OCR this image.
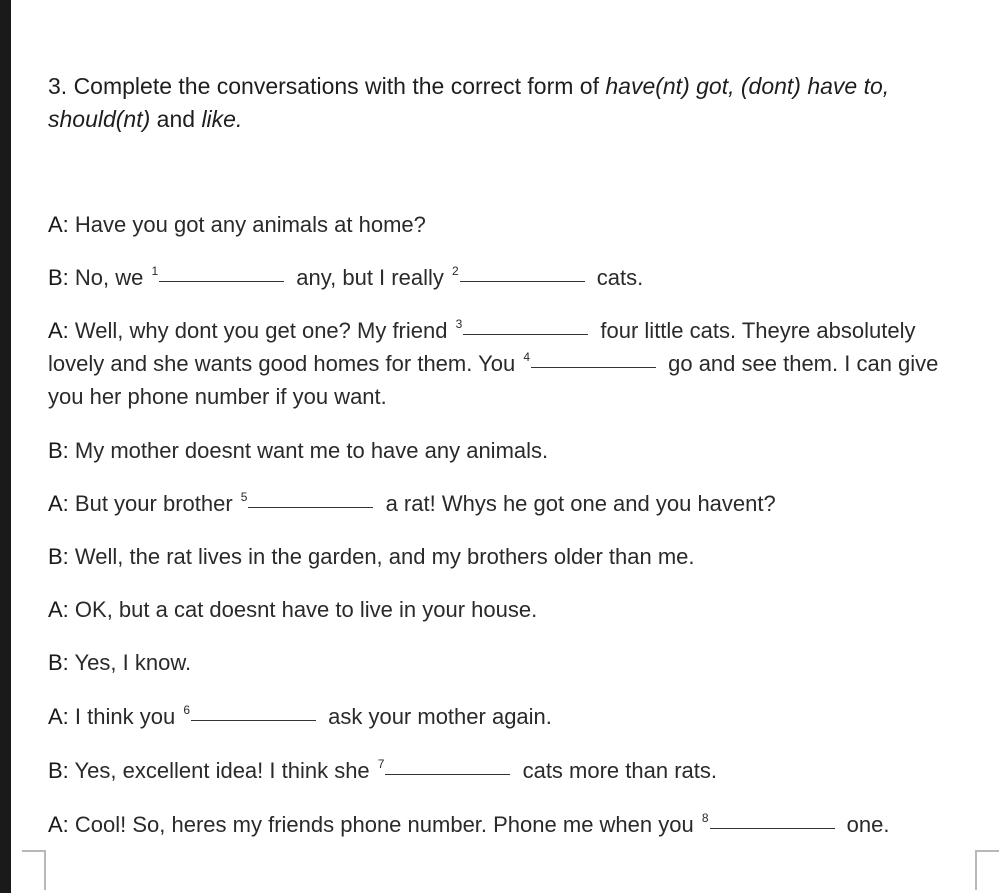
3. Complete the conversations with the correct form of have(nt) got, (dont) have to, should(nt) and like.
A: Have you got any animals at home?
B: No, we $^1$	any, but I really $^2$	cats.
A: Well, why dont you get one? My friend $^3$	four little cats. Theyre absolutely lovely and she wants good homes for them. You $^4$	go and see them. I can give you her phone number if you want.
B: My mother doesnt want me to have any animals.
A: But your brother $^5$	a rat! Whys he got one and you havent?
B: Well, the rat lives in the garden, and my brothers older than me.
A: OK, but a cat doesnt have to live in your house.
B: Yes, I know.
A: I think you $^6$	ask your mother again.
B: Yes, excellent idea! I think she $^7$	cats more than rats.
A: Cool! So, heres my friends phone number. Phone me when you $^8$	one.
